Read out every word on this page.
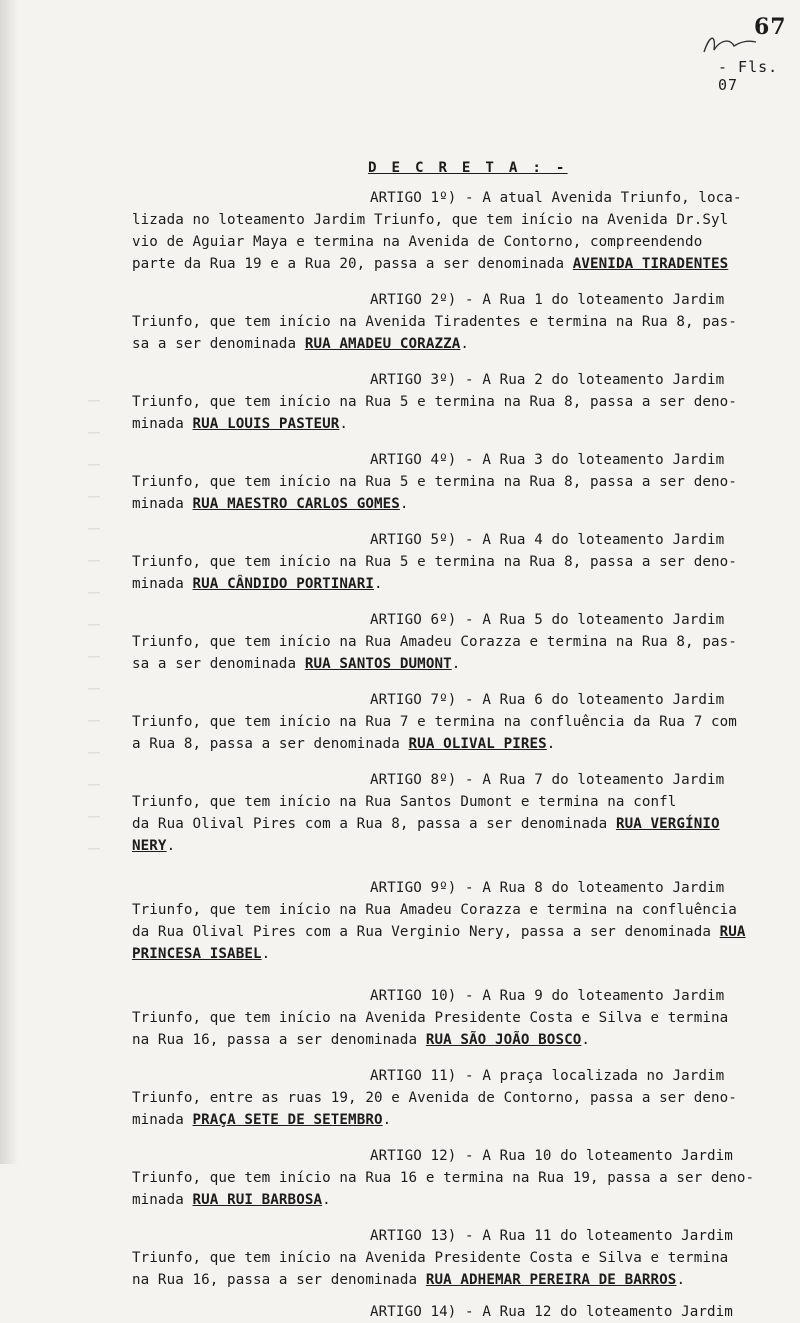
⋯⋯
⋯⋯
⋯⋯
⋯⋯
⋯⋯
⋯⋯
⋯⋯
⋯⋯
⋯⋯
⋯⋯
⋯⋯
⋯⋯
⋯⋯
⋯⋯
⋯⋯
67
- Fls. 07
D E C R E T A : -

ARTIGO 1º) - A atual Avenida Triunfo, loca-

lizada no loteamento Jardim Triunfo, que tem início na Avenida Dr.Syl

vio de Aguiar Maya e termina na Avenida de Contorno, compreendendo

parte da Rua 19 e a Rua 20, passa a ser denominada AVENIDA TIRADENTES

ARTIGO 2º) - A Rua 1 do loteamento Jardim

Triunfo, que tem início na Avenida Tiradentes e termina na Rua 8, pas-

sa a ser denominada RUA AMADEU CORAZZA.

ARTIGO 3º) - A Rua 2 do loteamento Jardim

Triunfo, que tem início na Rua 5 e termina na Rua 8, passa a ser deno-

minada RUA LOUIS PASTEUR.

ARTIGO 4º) - A Rua 3 do loteamento Jardim

Triunfo, que tem início na Rua 5 e termina na Rua 8, passa a ser deno-

minada RUA MAESTRO CARLOS GOMES.

ARTIGO 5º) - A Rua 4 do loteamento Jardim

Triunfo, que tem início na Rua 5 e termina na Rua 8, passa a ser deno-

minada RUA CÂNDIDO PORTINARI.

ARTIGO 6º) - A Rua 5 do loteamento Jardim

Triunfo, que tem início na Rua Amadeu Corazza e termina na Rua 8, pas-

sa a ser denominada RUA SANTOS DUMONT.

ARTIGO 7º) - A Rua 6 do loteamento Jardim

Triunfo, que tem início na Rua 7 e termina na confluência da Rua 7 com

a Rua 8, passa a ser denominada RUA OLIVAL PIRES.

ARTIGO 8º) - A Rua 7 do loteamento Jardim

Triunfo, que tem início na Rua Santos Dumont e termina na confl

da Rua Olival Pires com a Rua 8, passa a ser denominada RUA VERGÍNIO

NERY.

ARTIGO 9º) - A Rua 8 do loteamento Jardim

Triunfo, que tem início na Rua Amadeu Corazza e termina na confluência

da Rua Olival Pires com a Rua Verginio Nery, passa a ser denominada RUA

PRINCESA ISABEL.

ARTIGO 10) - A Rua 9 do loteamento Jardim

Triunfo, que tem início na Avenida Presidente Costa e Silva e termina

na Rua 16, passa a ser denominada RUA SÃO JOÃO BOSCO.

ARTIGO 11) - A praça localizada no Jardim

Triunfo, entre as ruas 19, 20 e Avenida de Contorno, passa a ser deno-

minada PRAÇA SETE DE SETEMBRO.

ARTIGO 12) - A Rua 10 do loteamento Jardim

Triunfo, que tem início na Rua 16 e termina na Rua 19, passa a ser deno-

minada RUA RUI BARBOSA.

ARTIGO 13) - A Rua 11 do loteamento Jardim

Triunfo, que tem início na Avenida Presidente Costa e Silva e termina

na Rua 16, passa a ser denominada RUA ADHEMAR PEREIRA DE BARROS.

ARTIGO 14) - A Rua 12 do loteamento Jardim
